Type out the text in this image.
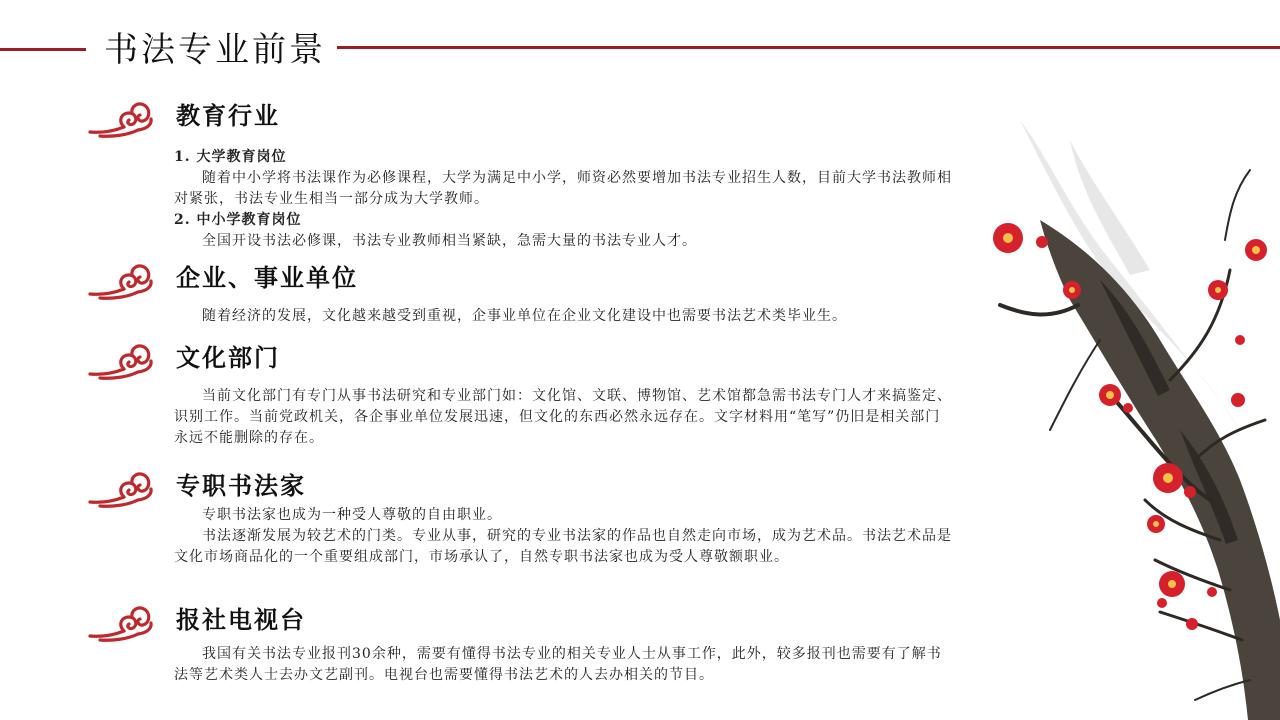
书法专业前景
教育行业

1. 大学教育岗位

随着中小学将书法课作为必修课程，大学为满足中小学，师资必然要增加书法专业招生人数，目前大学书法教师相对紧张，书法专业生相当一部分成为大学教师。

2. 中小学教育岗位

全国开设书法必修课，书法专业教师相当紧缺，急需大量的书法专业人才。

企业、事业单位

随着经济的发展，文化越来越受到重视，企事业单位在企业文化建设中也需要书法艺术类毕业生。

文化部门

当前文化部门有专门从事书法研究和专业部门如：文化馆、文联、博物馆、艺术馆都急需书法专门人才来搞鉴定、识别工作。当前党政机关，各企事业单位发展迅速，但文化的东西必然永远存在。文字材料用“笔写”仍旧是相关部门永远不能删除的存在。

专职书法家

专职书法家也成为一种受人尊敬的自由职业。

书法逐渐发展为较艺术的门类。专业从事，研究的专业书法家的作品也自然走向市场，成为艺术品。书法艺术品是文化市场商品化的一个重要组成部门，市场承认了，自然专职书法家也成为受人尊敬额职业。

报社电视台

我国有关书法专业报刊30余种，需要有懂得书法专业的相关专业人士从事工作，此外，较多报刊也需要有了解书法等艺术类人士去办文艺副刊。电视台也需要懂得书法艺术的人去办相关的节目。
